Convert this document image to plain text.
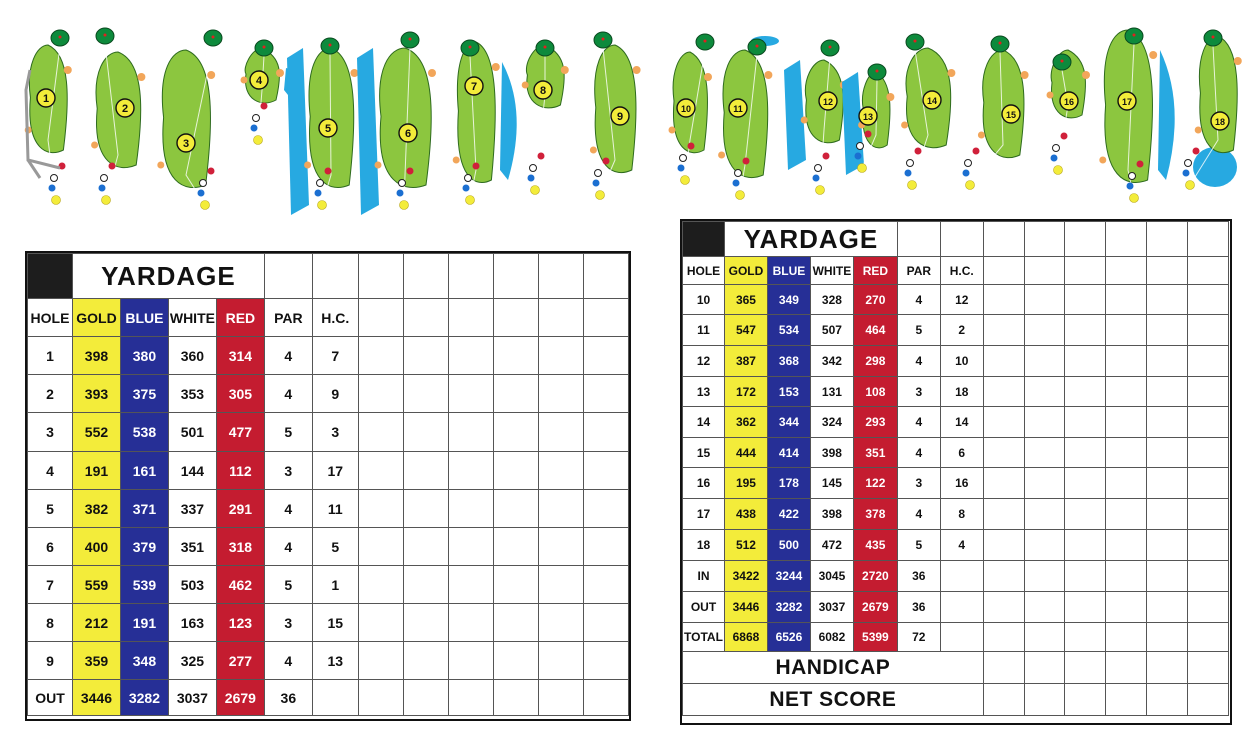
1
2
3
4
5	6
7	8
9
10	11
12
13
14
15
16	17
18
	YARDAGE											
HOLE	GOLD	BLUE	WHITE	RED	PAR	H.C.						
1	398	380	360	314	4	7						
2	393	375	353	305	4	9						
3	552	538	501	477	5	3						
4	191	161	144	112	3	17						
5	382	371	337	291	4	11						
6	400	379	351	318	4	5						
7	559	539	503	462	5	1						
8	212	191	163	123	3	15						
9	359	348	325	277	4	13						
OUT	3446	3282	3037	2679	36							
	YARDAGE											
HOLE	GOLD	BLUE	WHITE	RED	PAR	H.C.						
10	365	349	328	270	4	12						
11	547	534	507	464	5	2						
12	387	368	342	298	4	10						
13	172	153	131	108	3	18						
14	362	344	324	293	4	14						
15	444	414	398	351	4	6						
16	195	178	145	122	3	16						
17	438	422	398	378	4	8						
18	512	500	472	435	5	4						
IN	3422	3244	3045	2720	36							
OUT	3446	3282	3037	2679	36							
TOTAL	6868	6526	6082	5399	72							
HANDICAP												
NET SCORE												
